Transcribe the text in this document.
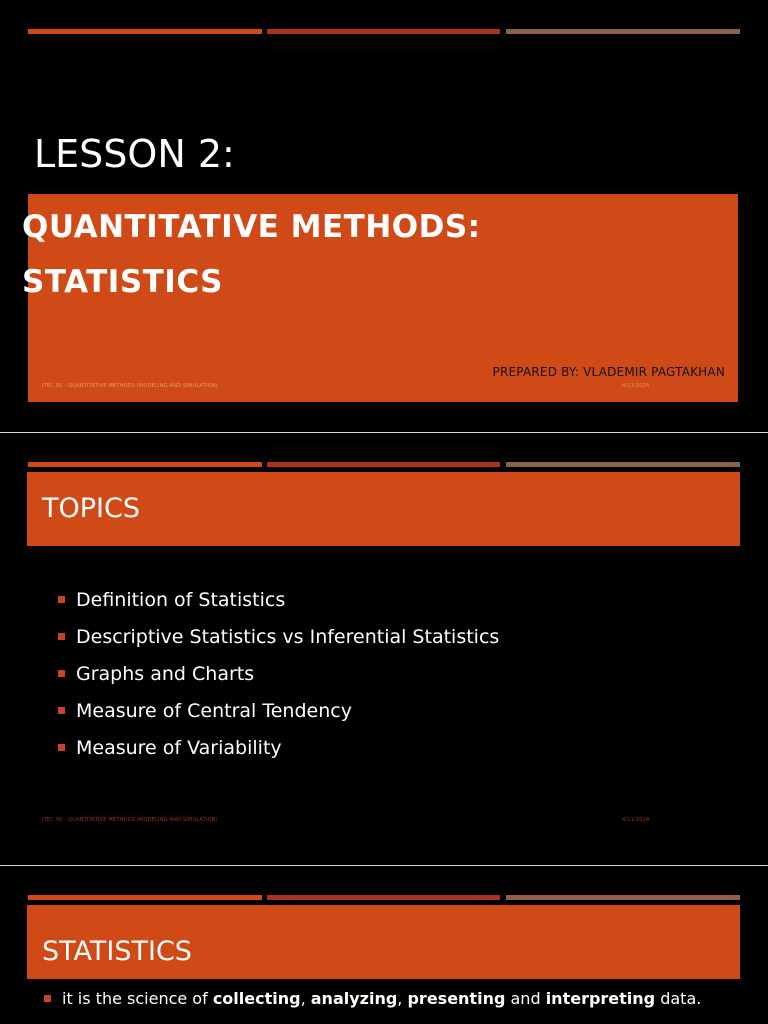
LESSON 2:
QUANTITATIVE METHODS:
STATISTICS
PREPARED BY: VLADEMIR PAGTAKHAN
ITEC 95 - QUANTITATIVE METHODS (MODELING AND SIMULATION)	4/11/2024
TOPICS
Definition of Statistics
Descriptive Statistics vs Inferential Statistics
Graphs and Charts
Measure of Central Tendency
Measure of Variability
ITEC 95 - QUANTITATIVE METHODS (MODELING AND SIMULATION)	4/11/2024
STATISTICS
it is the science of collecting, analyzing, presenting and interpreting data.
